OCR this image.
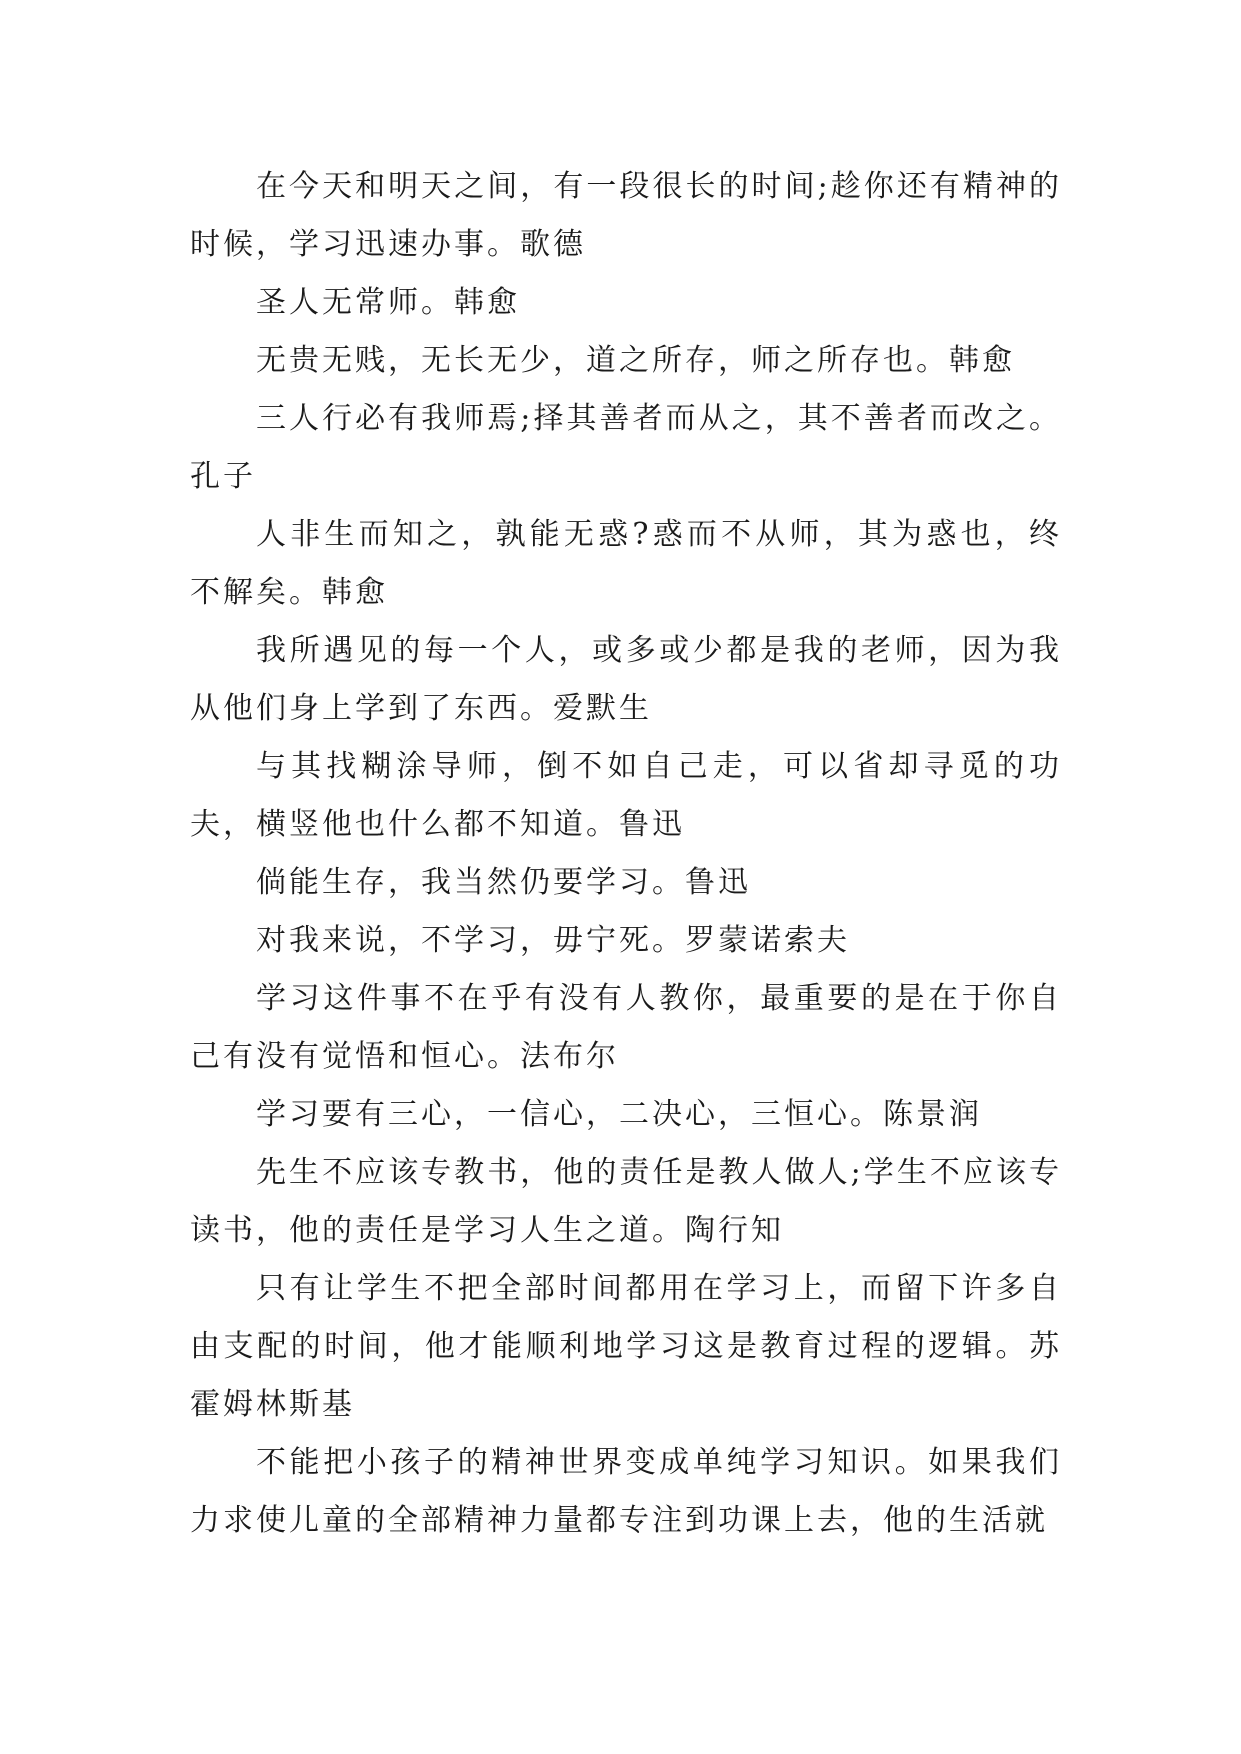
在今天和明天之间，有一段很长的时间;趁你还有精神的时候，学习迅速办事。歌德

圣人无常师。韩愈

无贵无贱，无长无少，道之所存，师之所存也。韩愈

三人行必有我师焉;择其善者而从之，其不善者而改之。孔子

人非生而知之，孰能无惑?惑而不从师，其为惑也，终不解矣。韩愈

我所遇见的每一个人，或多或少都是我的老师，因为我从他们身上学到了东西。爱默生

与其找糊涂导师，倒不如自己走，可以省却寻觅的功夫，横竖他也什么都不知道。鲁迅

倘能生存，我当然仍要学习。鲁迅

对我来说，不学习，毋宁死。罗蒙诺索夫

学习这件事不在乎有没有人教你，最重要的是在于你自己有没有觉悟和恒心。法布尔

学习要有三心，一信心，二决心，三恒心。陈景润

先生不应该专教书，他的责任是教人做人;学生不应该专读书，他的责任是学习人生之道。陶行知

只有让学生不把全部时间都用在学习上，而留下许多自由支配的时间，他才能顺利地学习这是教育过程的逻辑。苏霍姆林斯基

不能把小孩子的精神世界变成单纯学习知识。如果我们力求使儿童的全部精神力量都专注到功课上去，他的生活就
